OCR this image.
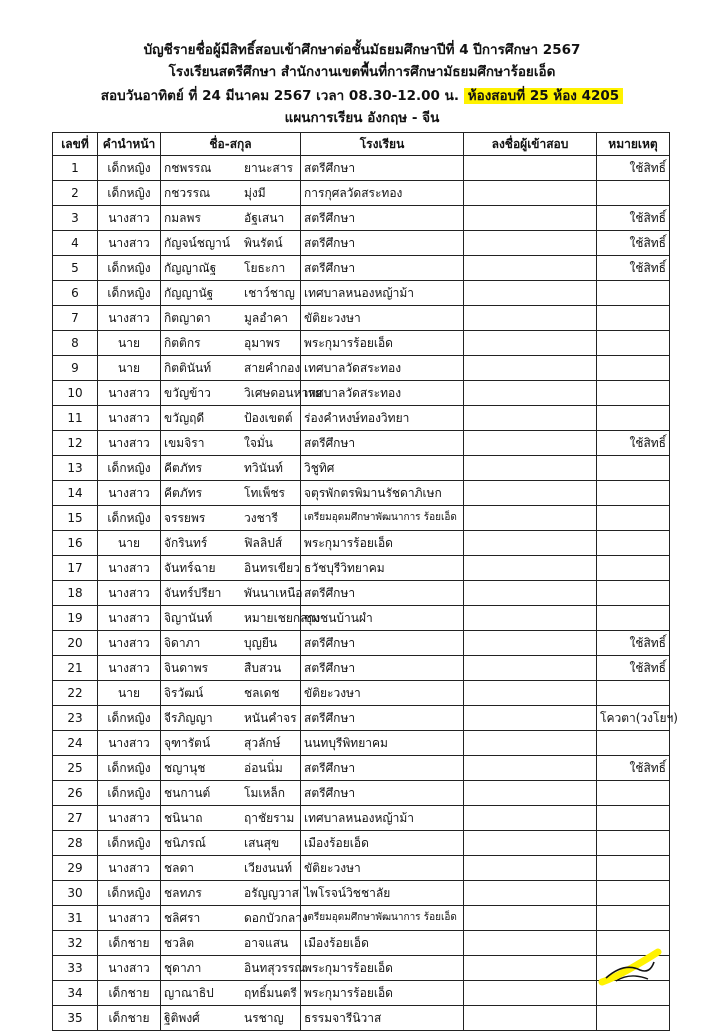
บัญชีรายชื่อผู้มีสิทธิ์สอบเข้าศึกษาต่อชั้นมัธยมศึกษาปีที่ 4 ปีการศึกษา 2567
โรงเรียนสตรีศึกษา สำนักงานเขตพื้นที่การศึกษามัธยมศึกษาร้อยเอ็ด
สอบวันอาทิตย์ ที่ 24 มีนาคม 2567 เวลา 08.30-12.00 น. ห้องสอบที่ 25 ห้อง 4205
แผนการเรียน อังกฤษ - จีน
เลขที่	คำนำหน้า	ชื่อ-สกุล	โรงเรียน	ลงชื่อผู้เข้าสอบ	หมายเหตุ
1	เด็กหญิง	กชพรรณ ยานะสาร	สตรีศึกษา		ใช้สิทธิ์
2	เด็กหญิง	กชวรรณ มุ่งมี	การกุศลวัดสระทอง		
3	นางสาว	กมลพร อัฐเสนา	สตรีศึกษา		ใช้สิทธิ์
4	นางสาว	กัญจน์ชญาน์ พินรัตน์	สตรีศึกษา		ใช้สิทธิ์
5	เด็กหญิง	กัญญาณัฐ โยธะกา	สตรีศึกษา		ใช้สิทธิ์
6	เด็กหญิง	กัญญานัฐ เชาว์ชาญ	เทศบาลหนองหญ้าม้า		
7	นางสาว	กิตญาดา มูลอำคา	ขัติยะวงษา		
8	นาย	กิตติกร อุมาพร	พระกุมารร้อยเอ็ด		
9	นาย	กิตตินันท์ สายคำกอง	เทศบาลวัดสระทอง		
10	นางสาว	ขวัญข้าว วิเศษดอนหวาย	เทศบาลวัดสระทอง		
11	นางสาว	ขวัญฤดี ป้องเขตต์	ร่องคำหงษ์ทองวิทยา		
12	นางสาว	เขมจิรา ใจมั่น	สตรีศึกษา		ใช้สิทธิ์
13	เด็กหญิง	คีตภัทร ทวินันท์	วิชูทิศ		
14	นางสาว	คีตภัทร โทเพ็ชร	จตุรพักตรพิมานรัชดาภิเษก		
15	เด็กหญิง	จรรยพร วงชารี	เตรียมอุดมศึกษาพัฒนาการ ร้อยเอ็ด		
16	นาย	จักรินทร์ ฟิลลิปส์	พระกุมารร้อยเอ็ด		
17	นางสาว	จันทร์ฉาย อินทรเขียว	ธวัชบุรีวิทยาคม		
18	นางสาว	จันทร์ปรียา พันนาเหนือ	สตรีศึกษา		
19	นางสาว	จิญานันท์ หมายเชยกลาง	ชุมชนบ้านผำ		
20	นางสาว	จิดาภา บุญยืน	สตรีศึกษา		ใช้สิทธิ์
21	นางสาว	จินดาพร สืบสวน	สตรีศึกษา		ใช้สิทธิ์
22	นาย	จิรวัฒน์ ชลเดช	ขัติยะวงษา		
23	เด็กหญิง	จีรภิญญา หนันคำจร	สตรีศึกษา		โควตา(วงโยฯ)
24	นางสาว	จุฑารัตน์ สุวลักษ์	นนทบุรีพิทยาคม		
25	เด็กหญิง	ชญานุช อ่อนนิ่ม	สตรีศึกษา		ใช้สิทธิ์
26	เด็กหญิง	ชนกานต์ โมเหล็ก	สตรีศึกษา		
27	นางสาว	ชนินาถ ฤาชัยราม	เทศบาลหนองหญ้าม้า		
28	เด็กหญิง	ชนิภรณ์ เสนสุข	เมืองร้อยเอ็ด		
29	นางสาว	ชลดา เวียงนนท์	ขัติยะวงษา		
30	เด็กหญิง	ชลทภร อรัญญวาส	ไพโรจน์วิชชาลัย		
31	นางสาว	ชลิศรา ดอกบัวกลาง	เตรียมอุดมศึกษาพัฒนาการ ร้อยเอ็ด		
32	เด็กชาย	ชวลิต อาจแสน	เมืองร้อยเอ็ด		
33	นางสาว	ชุดาภา อินทสุวรรณ	พระกุมารร้อยเอ็ด		
34	เด็กชาย	ญาณาธิป ฤทธิ์มนตรี	พระกุมารร้อยเอ็ด		
35	เด็กชาย	ฐิติพงศ์ นรชาญ	ธรรมจารีนิวาส		
